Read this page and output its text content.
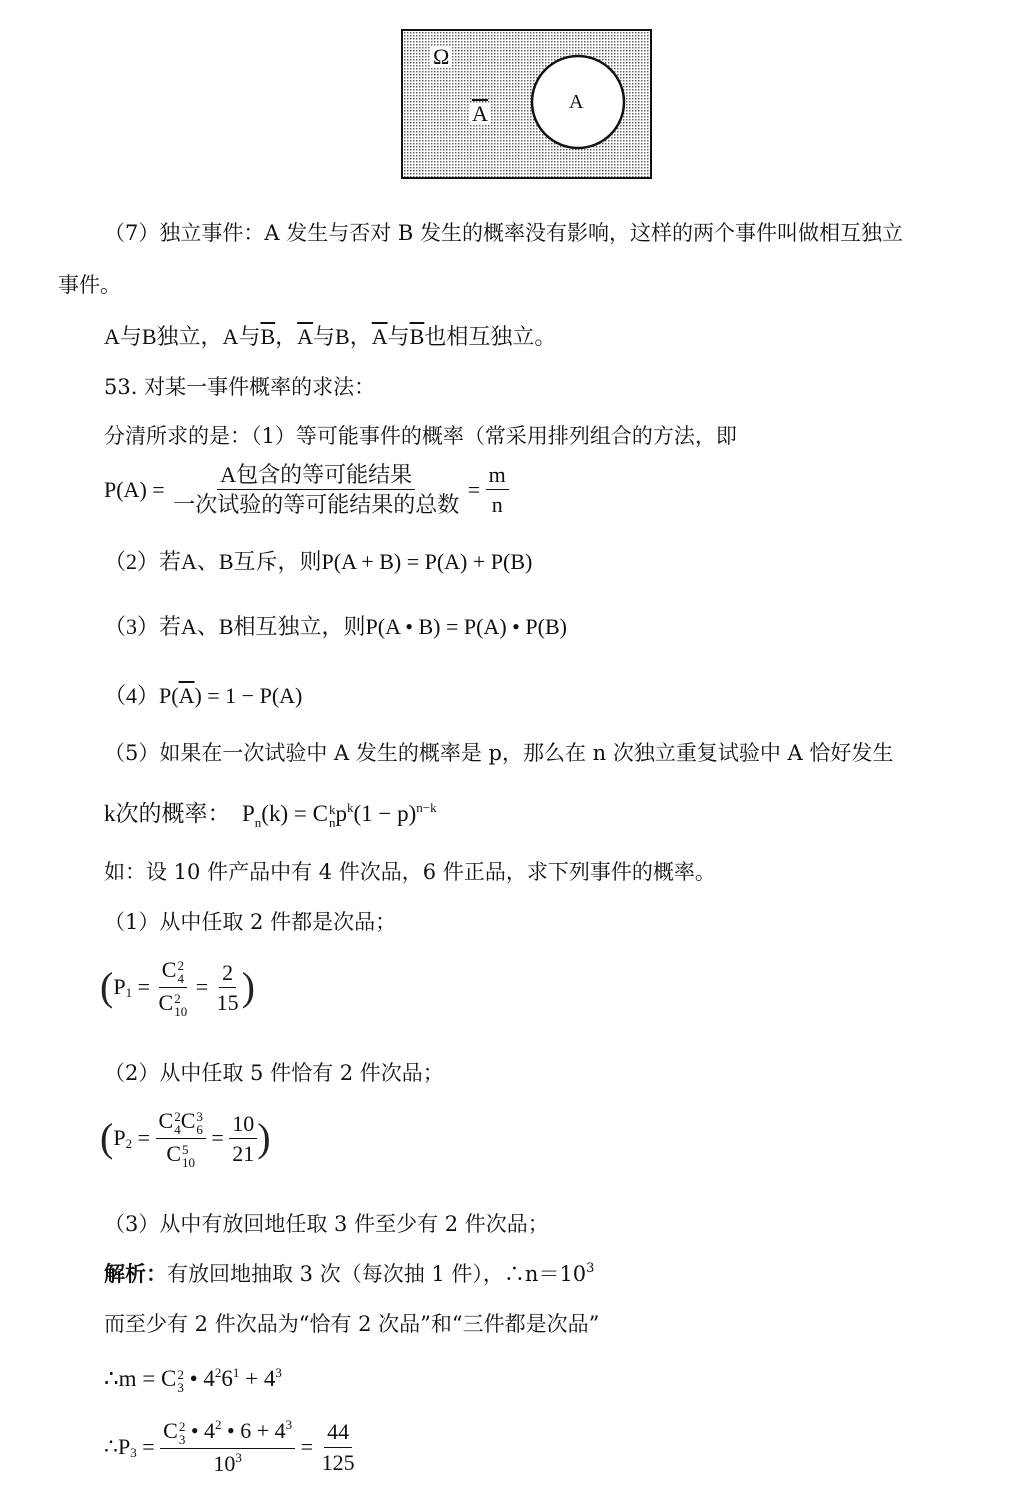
Ω
$\overline{A}$	A
（7）独立事件：A 发生与否对 B 发生的概率没有影响，这样的两个事件叫做相互独立
事件。
A与B独立，A与$\overline{B}$，$\overline{A}$与B，$\overline{A}$与$\overline{B}$也相互独立。
53. 对某一事件概率的求法：
分清所求的是：（1）等可能事件的概率（常采用排列组合的方法，即
P(A) =
$\frac{\text{A包含的等可能结果}}{\text{一次试验的等可能结果的总数}}$
=
$\frac{m}{n}$
（2）若A、B互斥，则P(A + B) = P(A) + P(B)
（3）若A、B相互独立，则P(A • B) = P(A) • P(B)
$(4)P(\overline{A}) = 1 - P(A)$
（5）如果在一次试验中 A 发生的概率是 p，那么在 n 次独立重复试验中 A 恰好发生
k次的概率： $P_n(k) = C$ k
n $p^k(1 - p)^{n-k}$
如：设 10 件产品中有 4 件次品，6 件正品，求下列事件的概率。
（1）从中任取 2 件都是次品；
( P 1 = C 2
4
C 2
$10 = \frac{2}{15}$ )
（2）从中任取 5 件恰有 2 件次品；
( P 2 = C 2
4 C 3
6
C 5
$10 = \frac{10}{21}$ )
（3）从中有放回地任取 3 件至少有 2 件次品；
解析：有放回地抽取 3 次（每次抽 1 件），$\therefore n=10^3$
而至少有 2 件次品为“恰有 2 次品”和“三件都是次品”
∴m = C 2
3 • $4^26^1 + 4^3$
∴P 3 = C 2
3 • $4^2$ • $6 + 4^3$
$10^3 = \frac{44}{125}$
